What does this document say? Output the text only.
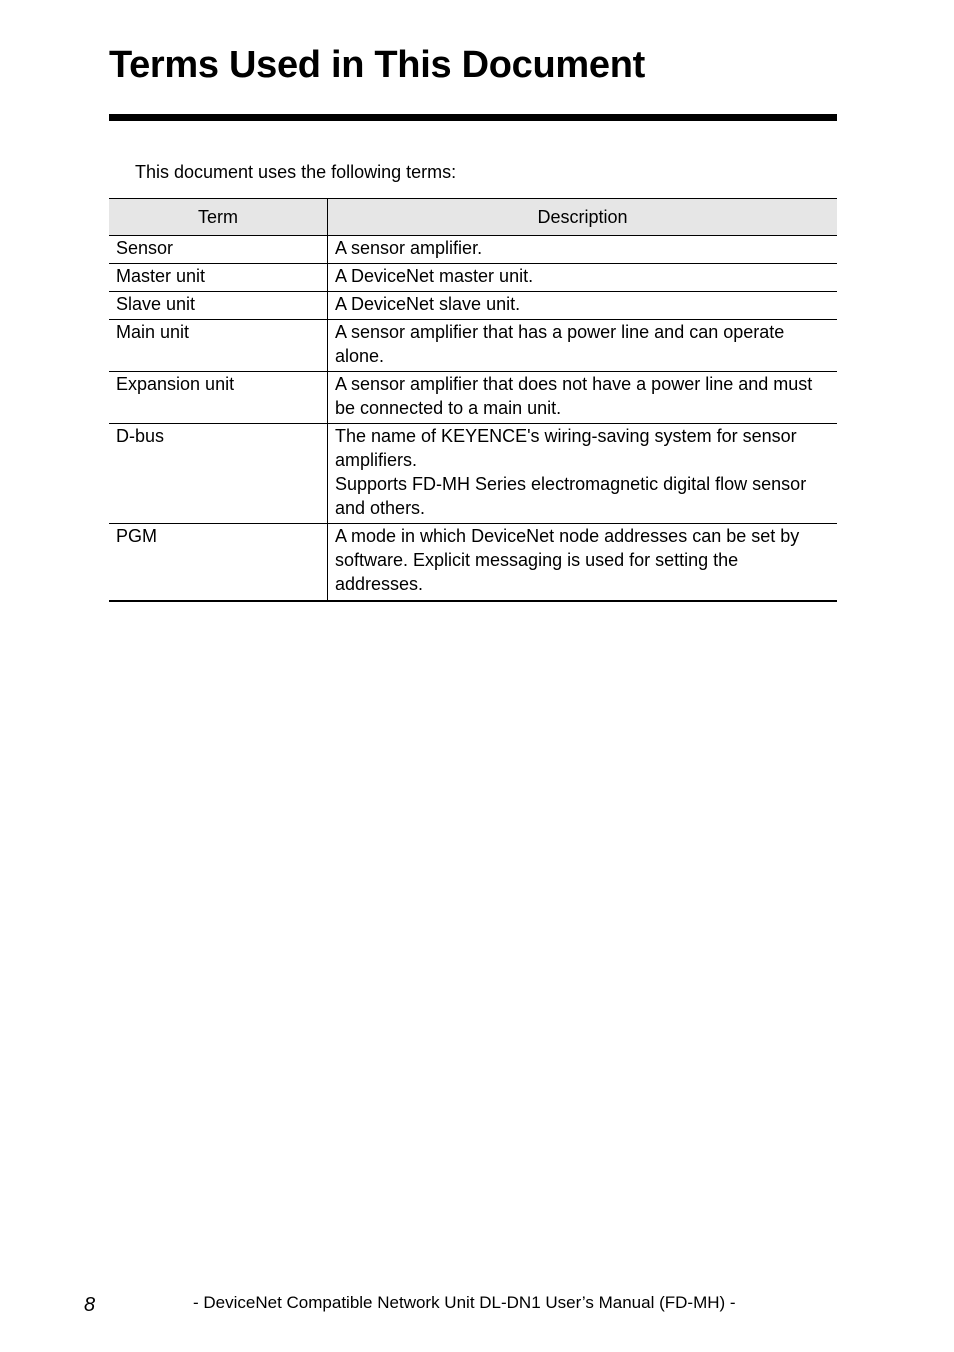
Terms Used in This Document

This document uses the following terms:

Term	Description
Sensor	A sensor amplifier.

Master unit	A DeviceNet master unit.

Slave unit	A DeviceNet slave unit.

Main unit	A sensor amplifier that has a power line and can operate alone.

Expansion unit	A sensor amplifier that does not have a power line and must be connected to a main unit.

D-bus	The name of KEYENCE's wiring-saving system for sensor amplifiers.
Supports FD-MH Series electromagnetic digital flow sensor and others.

PGM	A mode in which DeviceNet node addresses can be set by software. Explicit messaging is used for setting the addresses.
8	- DeviceNet Compatible Network Unit DL-DN1 User’s Manual (FD-MH) -
